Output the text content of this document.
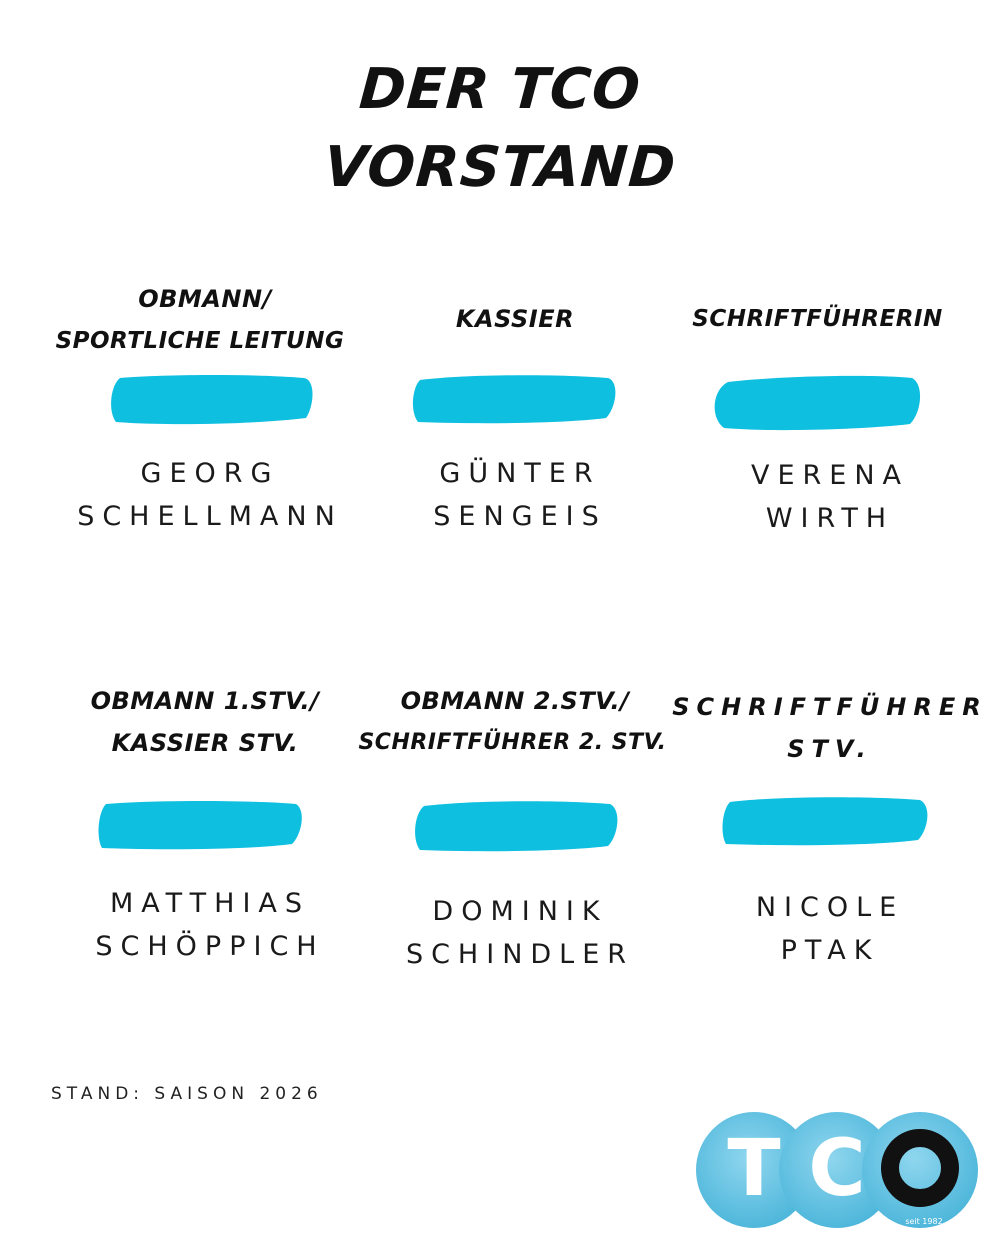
DER TCO
VORSTAND
OBMANN/
SPORTLICHE LEITUNG
GEORG
SCHELLMANN
KASSIER
GÜNTER
SENGEIS
SCHRIFTFÜHRERIN
VERENA
WIRTH
OBMANN 1.STV./
KASSIER STV.
MATTHIAS
SCHÖPPICH
OBMANN 2.STV./
SCHRIFTFÜHRER 2. STV.
DOMINIK
SCHINDLER
SCHRIFTFÜHRER
STV.
NICOLE
PTAK
STAND: SAISON 2026
T C
seit 1982
